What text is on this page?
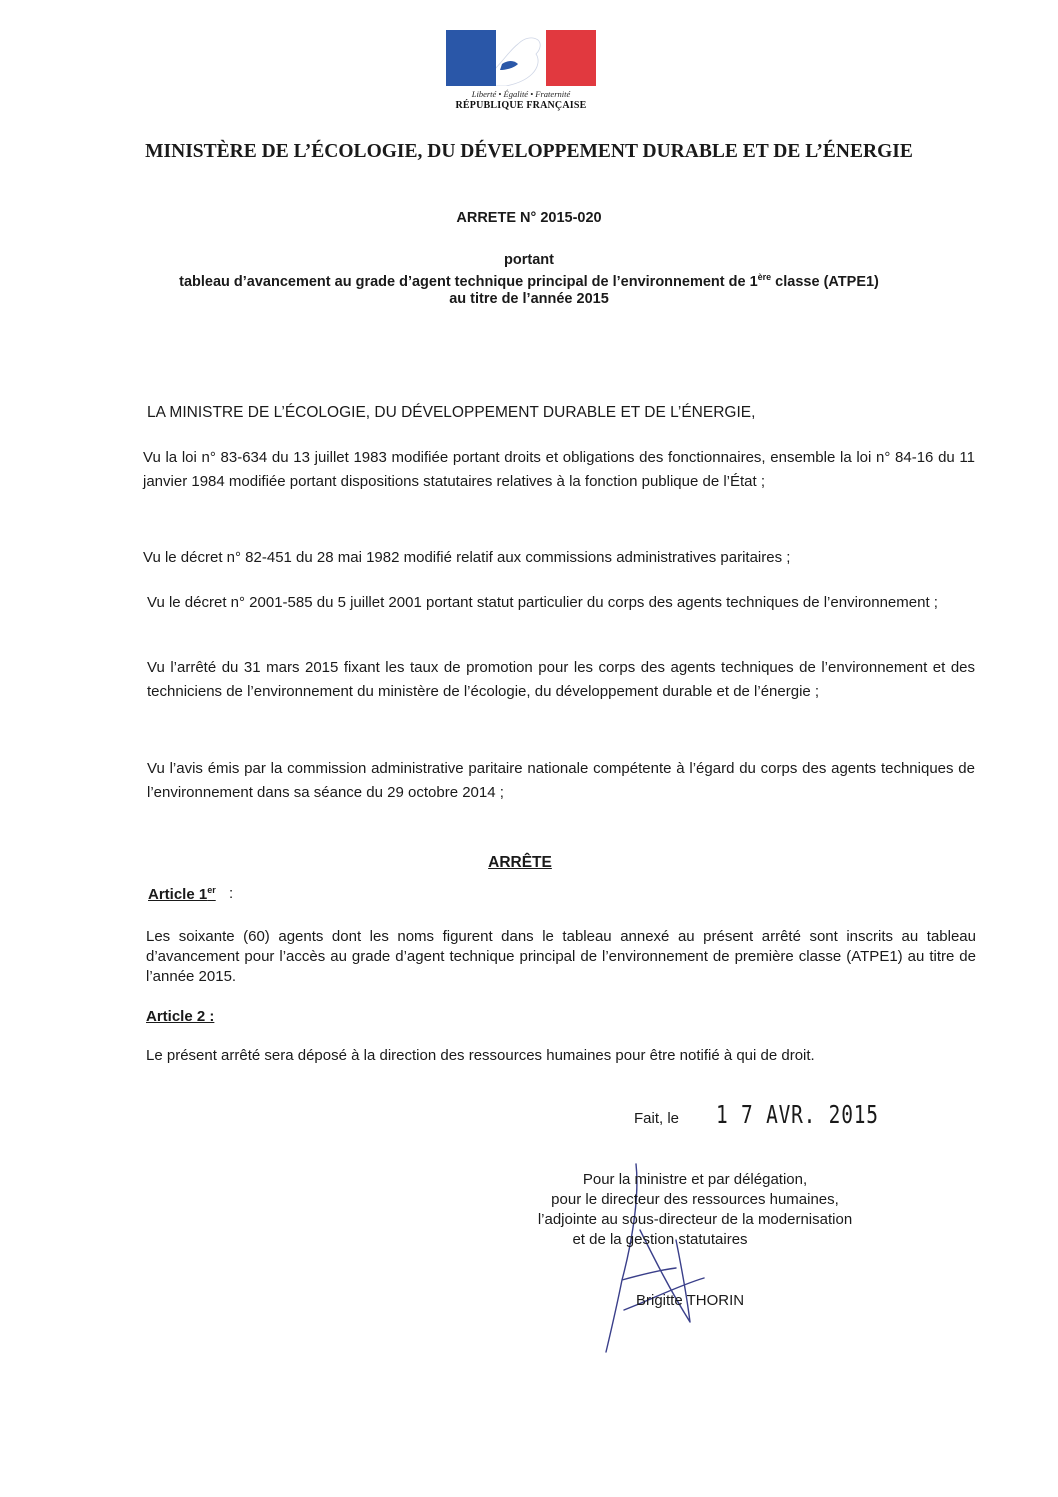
Liberté • Égalité • Fraternité
RÉPUBLIQUE FRANÇAISE
MINISTÈRE DE L’ÉCOLOGIE, DU DÉVELOPPEMENT DURABLE ET DE L’ÉNERGIE
ARRETE N° 2015-020
portant
tableau d’avancement au grade d’agent technique principal de l’environnement de 1ère classe (ATPE1)
au titre de l’année 2015
LA MINISTRE DE L’ÉCOLOGIE, DU DÉVELOPPEMENT DURABLE ET DE L’ÉNERGIE,
Vu la loi n° 83-634 du 13 juillet 1983 modifiée portant droits et obligations des fonctionnaires, ensemble la loi n° 84-16 du 11 janvier 1984 modifiée portant dispositions statutaires relatives à la fonction publique de l’État ;
Vu le décret n° 82-451 du 28 mai 1982 modifié relatif aux commissions administratives paritaires ;
Vu le décret n° 2001-585 du 5 juillet 2001 portant statut particulier du corps des agents techniques de l’environnement ;
Vu l’arrêté du 31 mars 2015 fixant les taux de promotion pour les corps des agents techniques de l’environnement et des techniciens de l’environnement du ministère de l’écologie, du développement durable et de l’énergie ;
Vu l’avis émis par la commission administrative paritaire nationale compétente à l’égard du corps des agents techniques de l’environnement dans sa séance du 29 octobre 2014 ;
ARRÊTE
Article 1er :
Les soixante (60) agents dont les noms figurent dans le tableau annexé au présent arrêté sont inscrits au tableau d’avancement pour l’accès au grade d’agent technique principal de l’environnement de première classe (ATPE1) au titre de l’année 2015.
Article 2 :
Le présent arrêté sera déposé à la direction des ressources humaines pour être notifié à qui de droit.
Fait, le 1 7 AVR. 2015
Pour la ministre et par délégation,
pour le directeur des ressources humaines,
l’adjointe au sous-directeur de la modernisation
et de la gestion statutaires
Brigitte THORIN
